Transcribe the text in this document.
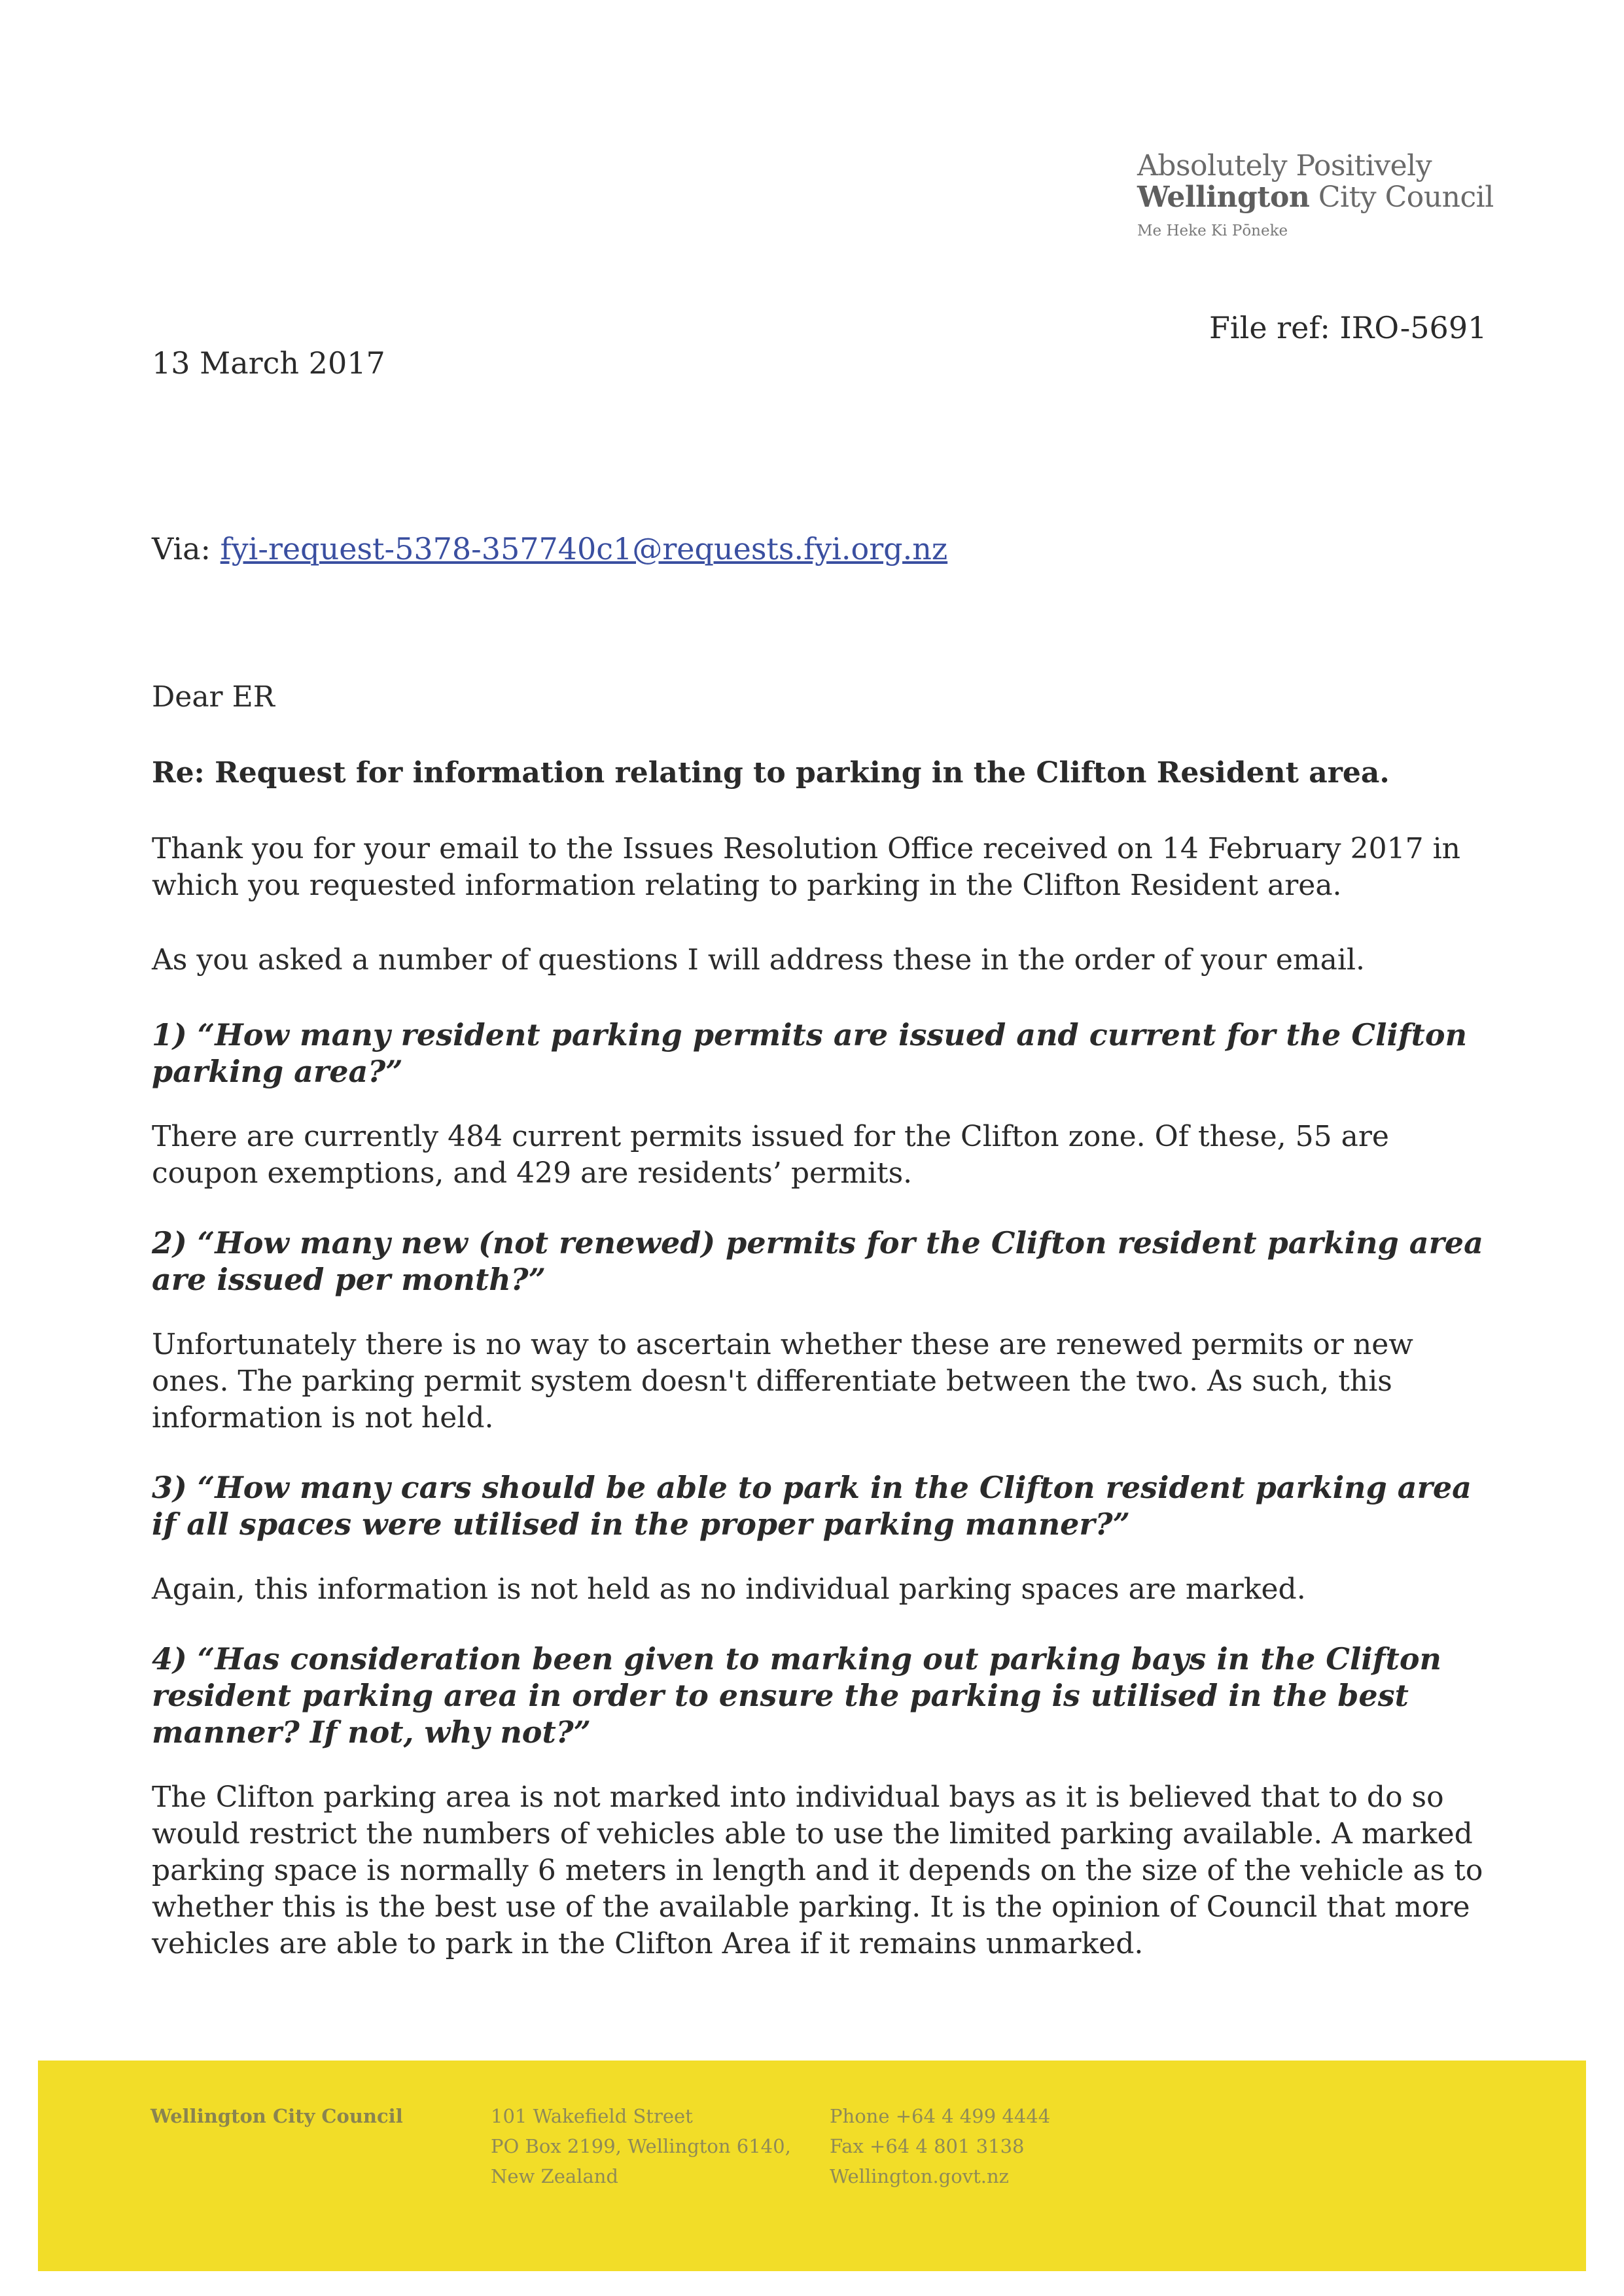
Absolutely Positively
Wellington City Council
Me Heke Ki Pōneke
File ref: IRO-5691
13 March 2017
Via: fyi-request-5378-357740c1@requests.fyi.org.nz

Dear ER

Re: Request for information relating to parking in the Clifton Resident area.

Thank you for your email to the Issues Resolution Office received on 14 February 2017 in which you requested information relating to parking in the Clifton Resident area.

As you asked a number of questions I will address these in the order of your email.

1) “How many resident parking permits are issued and current for the Clifton parking area?”

There are currently 484 current permits issued for the Clifton zone. Of these, 55 are coupon exemptions, and 429 are residents’ permits.

2) “How many new (not renewed) permits for the Clifton resident parking area are issued per month?”

Unfortunately there is no way to ascertain whether these are renewed permits or new ones. The parking permit system doesn't differentiate between the two. As such, this information is not held.

3) “How many cars should be able to park in the Clifton resident parking area if all spaces were utilised in the proper parking manner?”

Again, this information is not held as no individual parking spaces are marked.

4) “Has consideration been given to marking out parking bays in the Clifton resident parking area in order to ensure the parking is utilised in the best manner? If not, why not?”

The Clifton parking area is not marked into individual bays as it is believed that to do so would restrict the numbers of vehicles able to use the limited parking available. A marked parking space is normally 6 meters in length and it depends on the size of the vehicle as to whether this is the best use of the available parking. It is the opinion of Council that more vehicles are able to park in the Clifton Area if it remains unmarked.

Wellington City Council	101 Wakefield Street
PO Box 2199, Wellington 6140,
New Zealand
Phone +64 4 499 4444
Fax +64 4 801 3138
Wellington.govt.nz
